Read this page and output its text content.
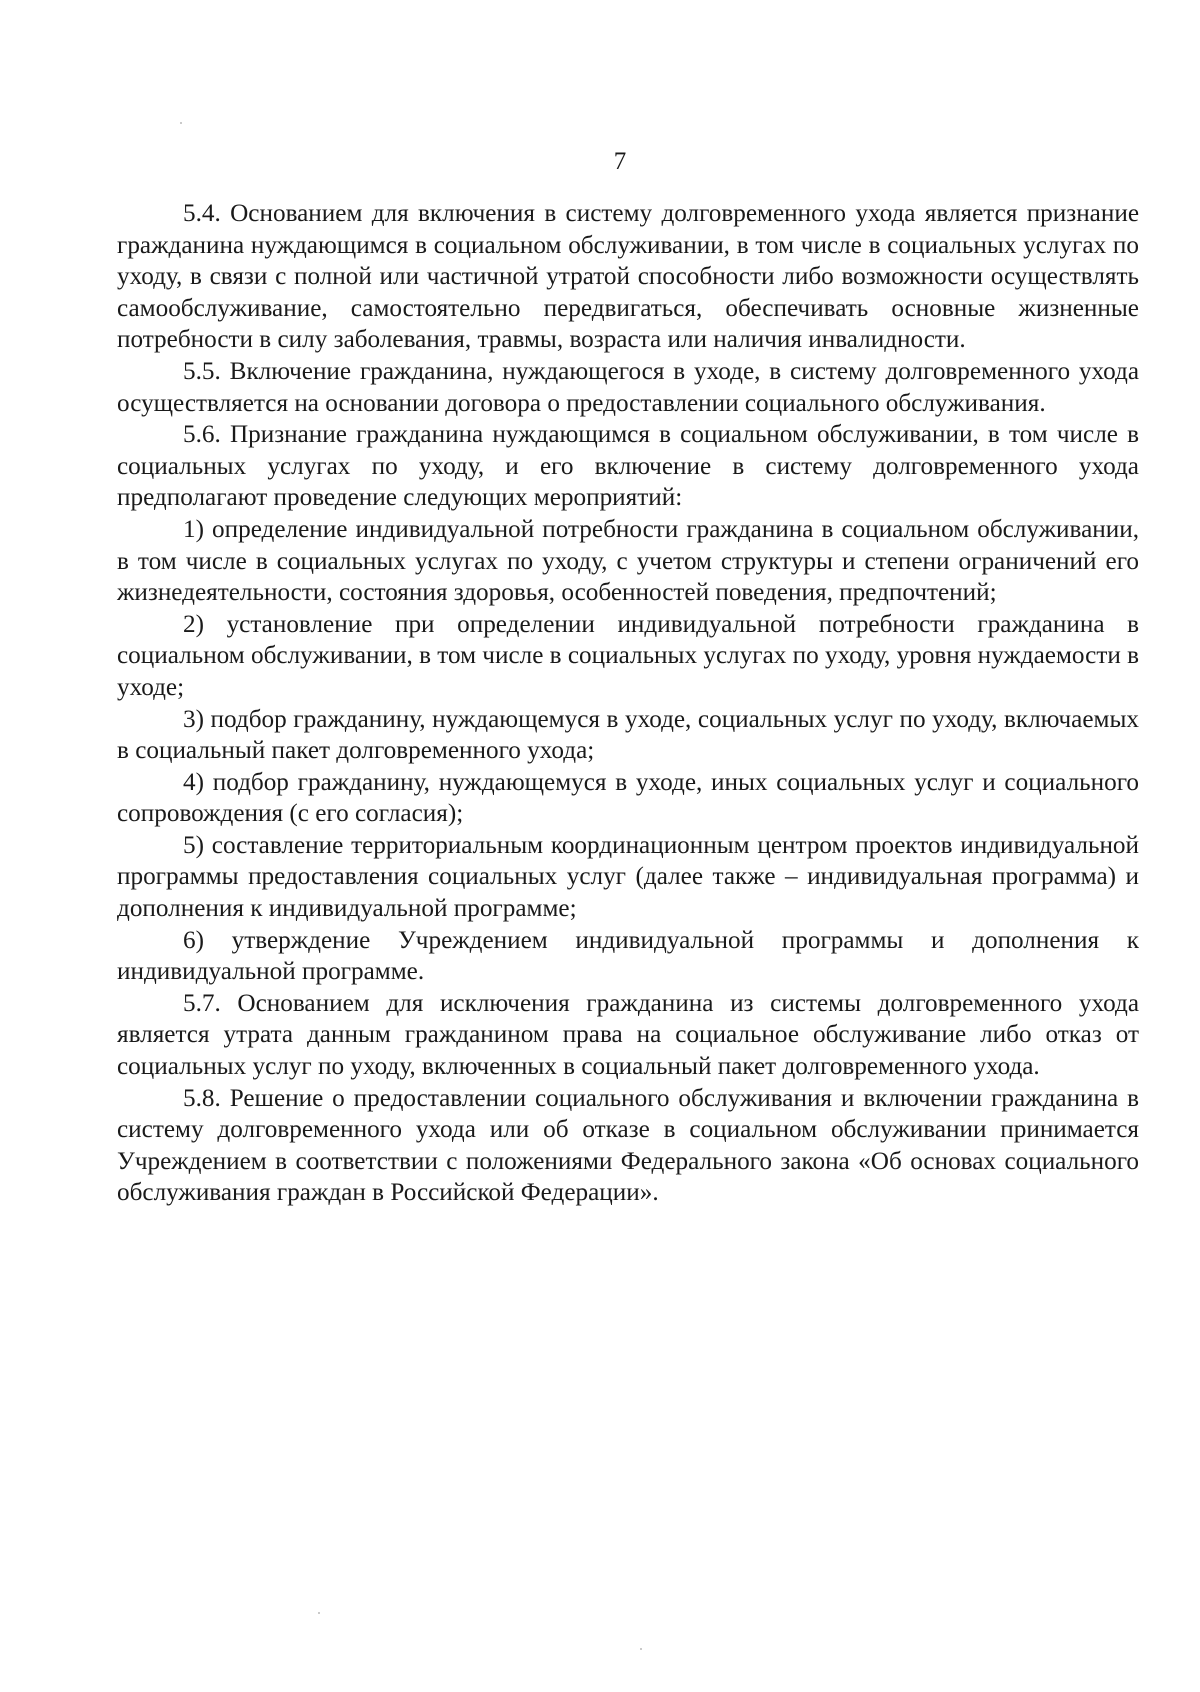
7

5.4. Основанием для включения в систему долговременного ухода является признание гражданина нуждающимся в социальном обслуживании, в том числе в социальных услугах по уходу, в связи с полной или частичной утратой способности либо возможности осуществлять самообслуживание, самостоятельно передвигаться, обеспечивать основные жизненные потребности в силу заболевания, травмы, возраста или наличия инвалидности.

5.5. Включение гражданина, нуждающегося в уходе, в систему долговременного ухода осуществляется на основании договора о предоставлении социального обслуживания.

5.6. Признание гражданина нуждающимся в социальном обслуживании, в том числе в социальных услугах по уходу, и его включение в систему долговременного ухода предполагают проведение следующих мероприятий:

1) определение индивидуальной потребности гражданина в социальном обслуживании, в том числе в социальных услугах по уходу, с учетом структуры и степени ограничений его жизнедеятельности, состояния здоровья, особенностей поведения, предпочтений;

2) установление при определении индивидуальной потребности гражданина в социальном обслуживании, в том числе в социальных услугах по уходу, уровня нуждаемости в уходе;

3) подбор гражданину, нуждающемуся в уходе, социальных услуг по уходу, включаемых в социальный пакет долговременного ухода;

4) подбор гражданину, нуждающемуся в уходе, иных социальных услуг и социального сопровождения (с его согласия);

5) составление территориальным координационным центром проектов индивидуальной программы предоставления социальных услуг (далее также – индивидуальная программа) и дополнения к индивидуальной программе;

6) утверждение Учреждением индивидуальной программы и дополнения к индивидуальной программе.

5.7. Основанием для исключения гражданина из системы долговременного ухода является утрата данным гражданином права на социальное обслуживание либо отказ от социальных услуг по уходу, включенных в социальный пакет долговременного ухода.

5.8. Решение о предоставлении социального обслуживания и включении гражданина в систему долговременного ухода или об отказе в социальном обслуживании принимается Учреждением в соответствии с положениями Федерального закона «Об основах социального обслуживания граждан в Российской Федерации».
